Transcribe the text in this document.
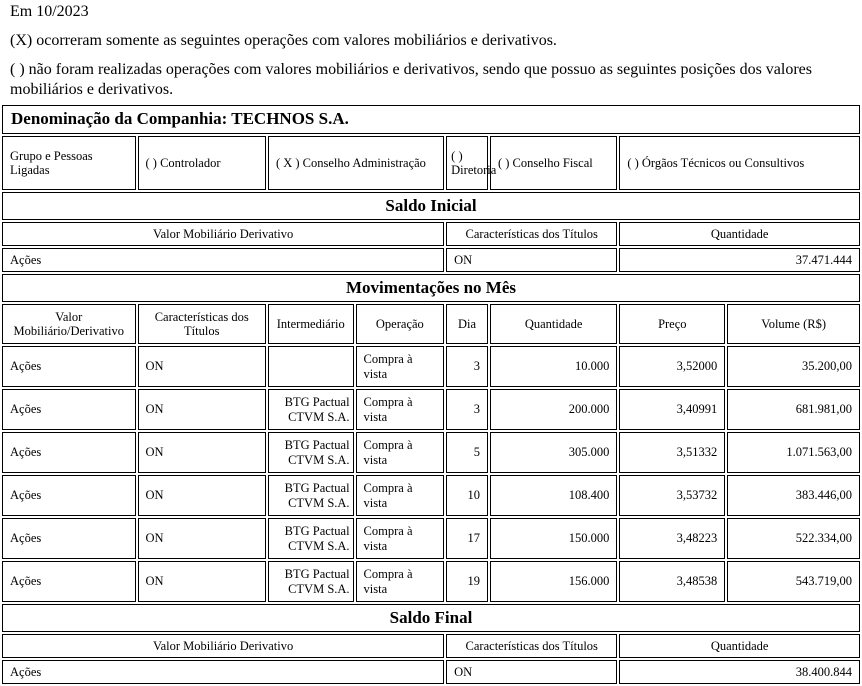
Em 10/2023
(X) ocorreram somente as seguintes operações com valores mobiliários e derivativos.
( ) não foram realizadas operações com valores mobiliários e derivativos, sendo que possuo as seguintes posições dos valores mobiliários e derivativos.
Denominação da Companhia: TECHNOS S.A.							
Grupo e Pessoas Ligadas	( ) Controlador	( X ) Conselho Administração		( ) Diretoria	( ) Conselho Fiscal	( ) Órgãos Técnicos ou Consultivos	
Saldo Inicial							
Valor Mobiliário Derivativo				Características dos Títulos		Quantidade	
Ações				ON		37.471.444	
Movimentações no Mês							
Valor Mobiliário/Derivativo	Características dos Títulos	Intermediário	Operação	Dia	Quantidade	Preço	Volume (R$)
Ações	ON		Compra à vista	3	10.000	3,52000	35.200,00
Ações	ON	BTG Pactual CTVM S.A.	Compra à vista	3	200.000	3,40991	681.981,00
Ações	ON	BTG Pactual CTVM S.A.	Compra à vista	5	305.000	3,51332	1.071.563,00
Ações	ON	BTG Pactual CTVM S.A.	Compra à vista	10	108.400	3,53732	383.446,00
Ações	ON	BTG Pactual CTVM S.A.	Compra à vista	17	150.000	3,48223	522.334,00
Ações	ON	BTG Pactual CTVM S.A.	Compra à vista	19	156.000	3,48538	543.719,00
Saldo Final							
Valor Mobiliário Derivativo				Características dos Títulos		Quantidade	
Ações				ON		38.400.844	
